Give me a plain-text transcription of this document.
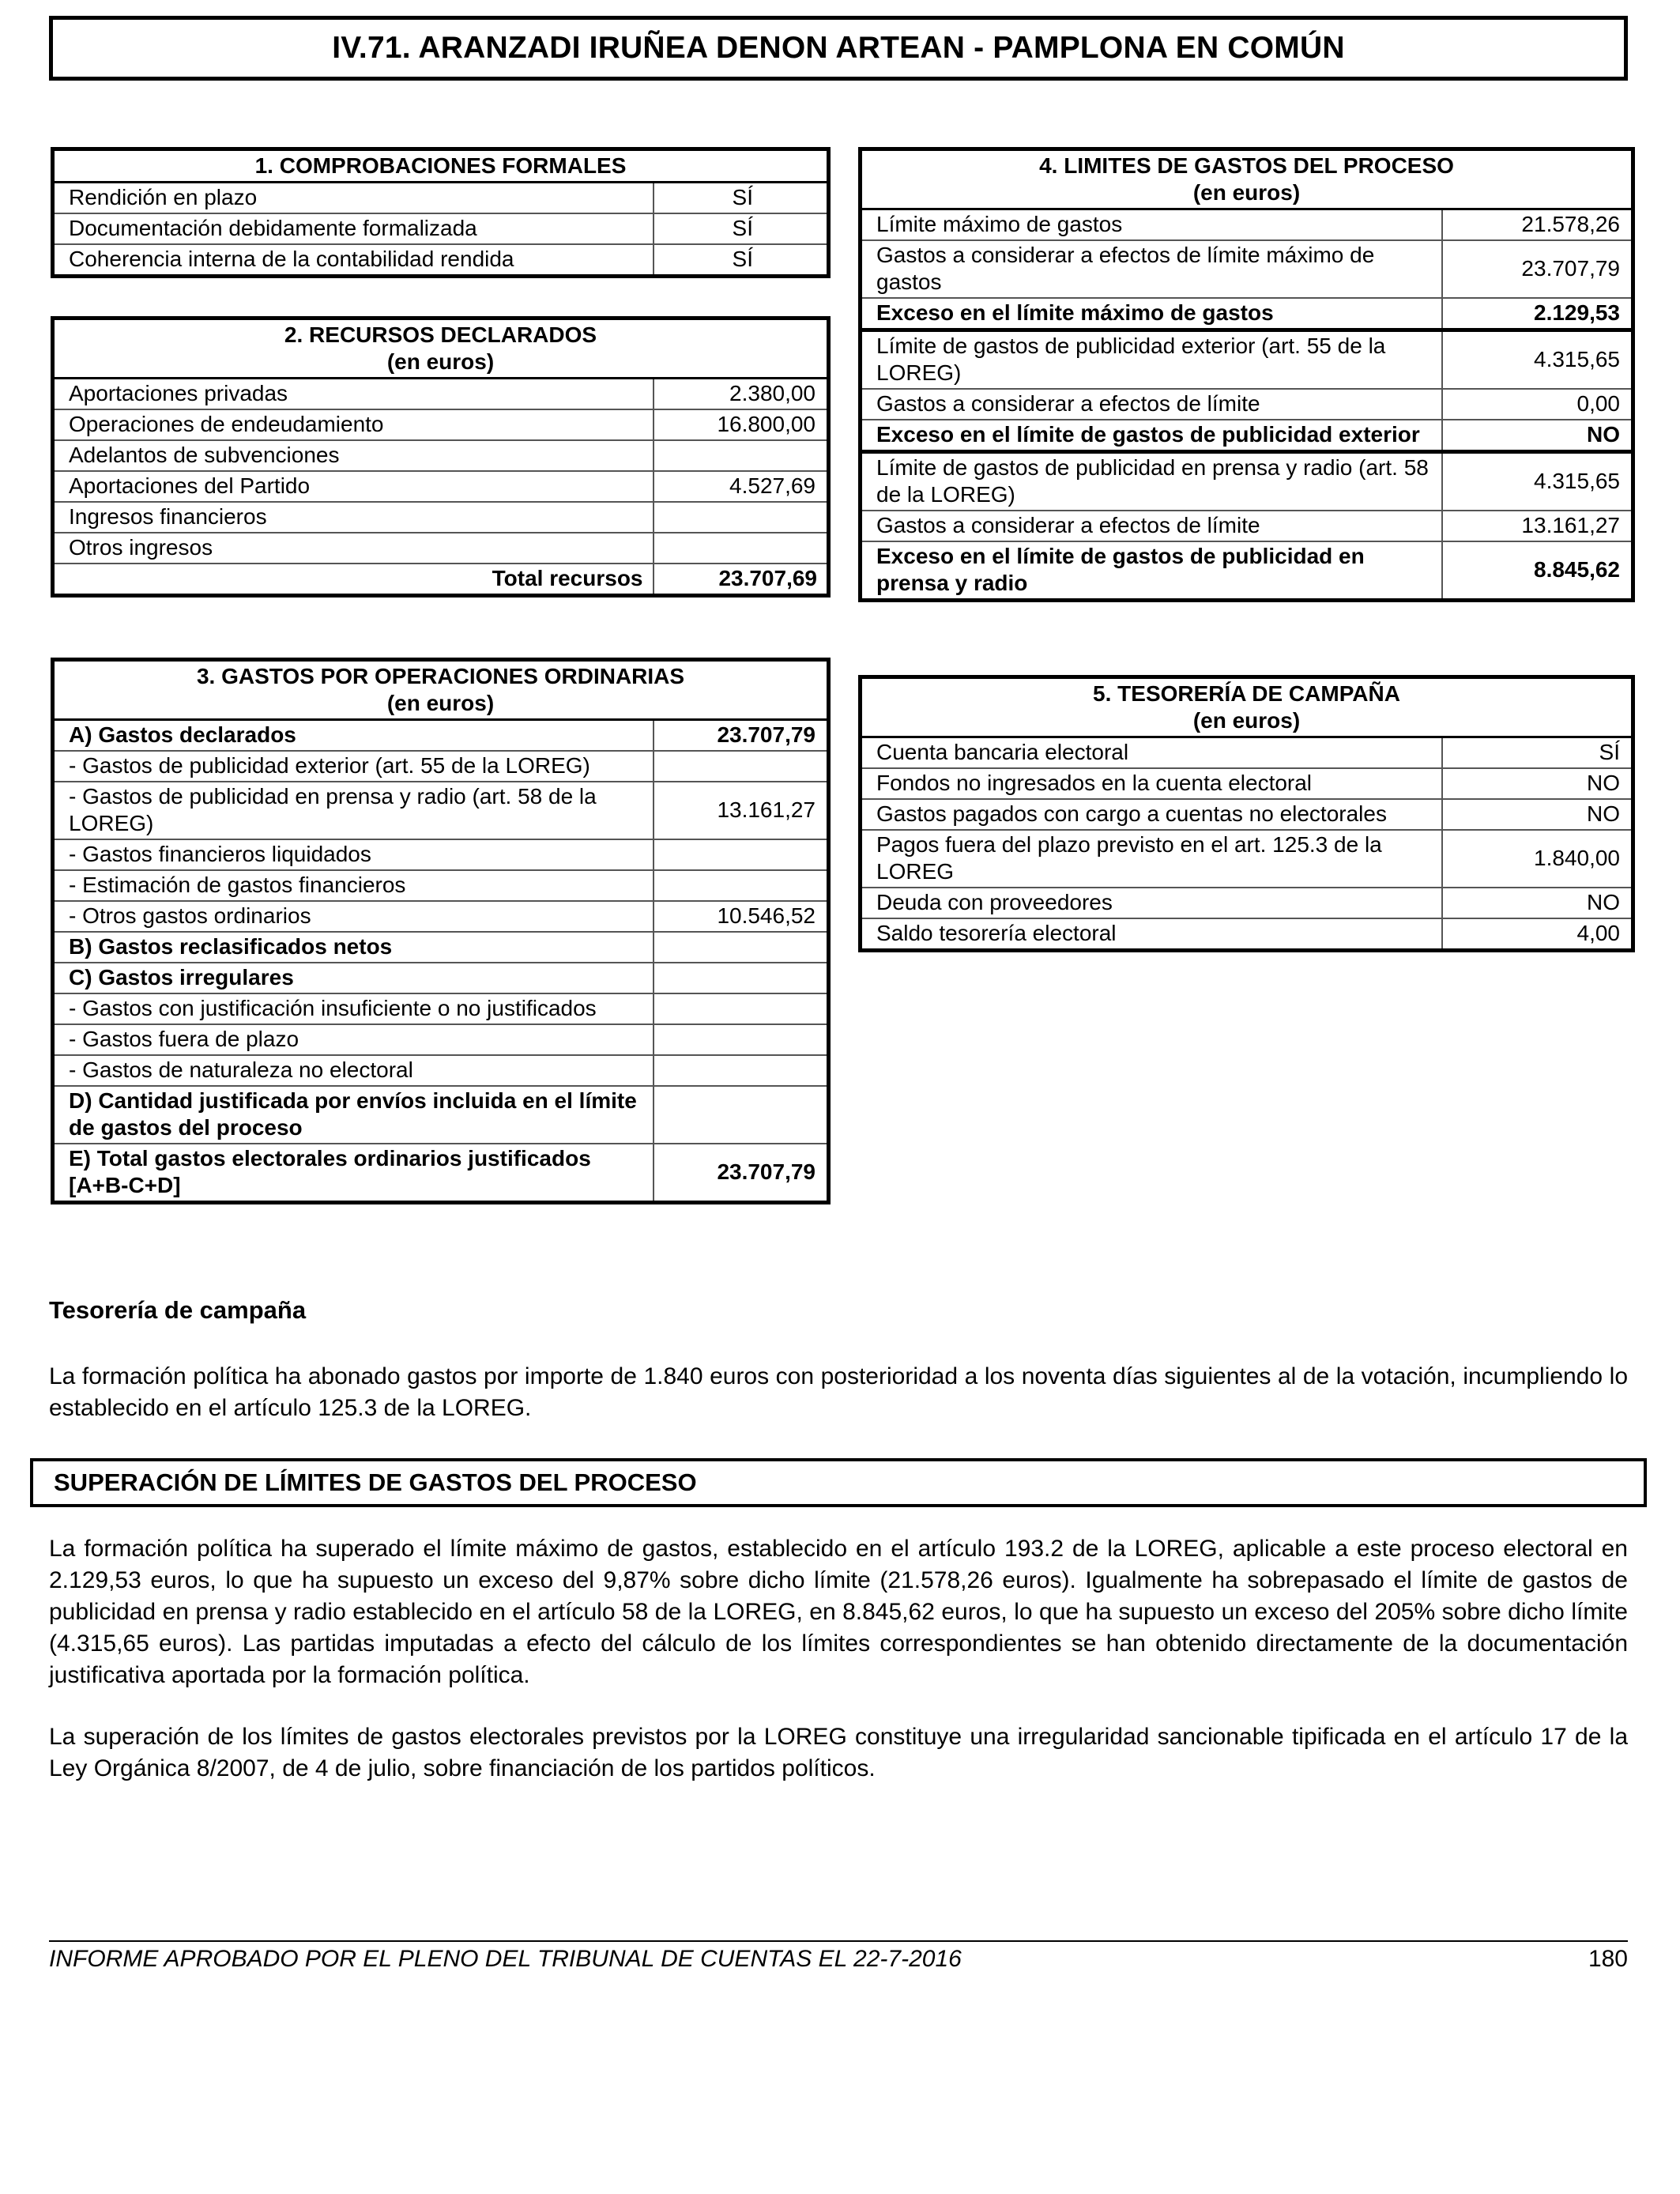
IV.71. ARANZADI IRUÑEA DENON ARTEAN - PAMPLONA EN COMÚN
1. COMPROBACIONES FORMALES	
Rendición en plazo	SÍ
Documentación debidamente formalizada	SÍ
Coherencia interna de la contabilidad rendida	SÍ
2. RECURSOS DECLARADOS
(en euros)	
Aportaciones privadas	2.380,00
Operaciones de endeudamiento	16.800,00
Adelantos de subvenciones	
Aportaciones del Partido	4.527,69
Ingresos financieros	
Otros ingresos	
Total recursos	23.707,69
3. GASTOS POR OPERACIONES ORDINARIAS
(en euros)	
A) Gastos declarados	23.707,79
- Gastos de publicidad exterior (art. 55 de la LOREG)	
- Gastos de publicidad en prensa y radio (art. 58 de la LOREG)	13.161,27
- Gastos financieros liquidados	
- Estimación de gastos financieros	
- Otros gastos ordinarios	10.546,52
B) Gastos reclasificados netos	
C) Gastos irregulares	
- Gastos con justificación insuficiente o no justificados	
- Gastos fuera de plazo	
- Gastos de naturaleza no electoral	
D) Cantidad justificada por envíos incluida en el límite de gastos del proceso	
E) Total gastos electorales ordinarios justificados [A+B-C+D]	23.707,79
4. LIMITES DE GASTOS DEL PROCESO
(en euros)	
Límite máximo de gastos	21.578,26
Gastos a considerar a efectos de límite máximo de gastos	23.707,79
Exceso en el límite máximo de gastos	2.129,53
Límite de gastos de publicidad exterior (art. 55 de la LOREG)	4.315,65
Gastos a considerar a efectos de límite	0,00
Exceso en el límite de gastos de publicidad exterior	NO
Límite de gastos de publicidad en prensa y radio (art. 58 de la LOREG)	4.315,65
Gastos a considerar a efectos de límite	13.161,27
Exceso en el límite de gastos de publicidad en prensa y radio	8.845,62
5. TESORERÍA DE CAMPAÑA
(en euros)	
Cuenta bancaria electoral	SÍ
Fondos no ingresados en la cuenta electoral	NO
Gastos pagados con cargo a cuentas no electorales	NO
Pagos fuera del plazo previsto en el art. 125.3 de la LOREG	1.840,00
Deuda con proveedores	NO
Saldo tesorería electoral	4,00
Tesorería de campaña
La formación política ha abonado gastos por importe de 1.840 euros con posterioridad a los noventa días siguientes al de la votación, incumpliendo lo establecido en el artículo 125.3 de la LOREG.
SUPERACIÓN DE LÍMITES DE GASTOS DEL PROCESO
La formación política ha superado el límite máximo de gastos, establecido en el artículo 193.2 de la LOREG, aplicable a este proceso electoral en 2.129,53 euros, lo que ha supuesto un exceso del 9,87% sobre dicho límite (21.578,26 euros). Igualmente ha sobrepasado el límite de gastos de publicidad en prensa y radio establecido en el artículo 58 de la LOREG, en 8.845,62 euros, lo que ha supuesto un exceso del 205% sobre dicho límite (4.315,65 euros). Las partidas imputadas a efecto del cálculo de los límites correspondientes se han obtenido directamente de la documentación justificativa aportada por la formación política.
La superación de los límites de gastos electorales previstos por la LOREG constituye una irregularidad sancionable tipificada en el artículo 17 de la Ley Orgánica 8/2007, de 4 de julio, sobre financiación de los partidos políticos.
INFORME APROBADO POR EL PLENO DEL TRIBUNAL DE CUENTAS EL 22-7-2016	180
